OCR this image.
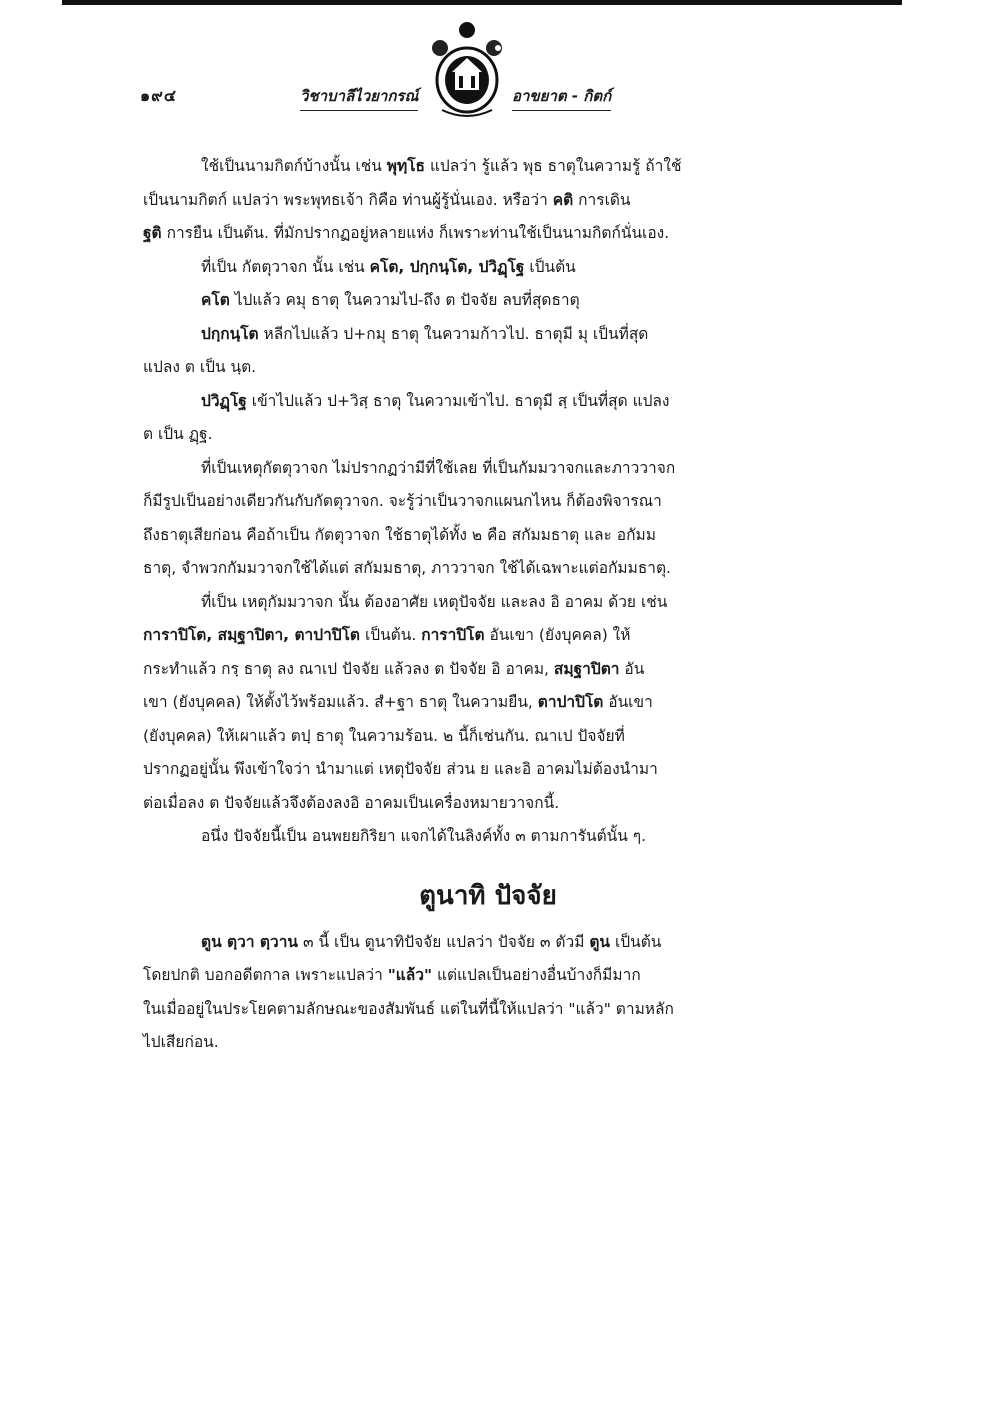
๑๙๔	วิชาบาลีไวยากรณ์	อาขยาต - กิตก์
ใช้เป็นนามกิตก์บ้างนั้น เช่น พุทฺโธ แปลว่า รู้แล้ว พุธ ธาตุในความรู้ ถ้าใช้
เป็นนามกิตก์ แปลว่า พระพุทธเจ้า กิคือ ท่านผู้รู้นั่นเอง. หรือว่า คติ การเดิน
ฐติ การยืน เป็นต้น. ที่มักปรากฏอยู่หลายแห่ง ก็เพราะท่านใช้เป็นนามกิตก์นั่นเอง.
ที่เป็น กัตตุวาจก นั้น เช่น คโต, ปกฺกนฺโต, ปวิฏฺโฐ เป็นต้น
คโต ไปแล้ว คมุ ธาตุ ในความไป-ถึง ต ปัจจัย ลบที่สุดธาตุ
ปกฺกนฺโต หลีกไปแล้ว ป+กมุ ธาตุ ในความก้าวไป. ธาตุมี มุ เป็นที่สุด
แปลง ต เป็น นฺต.
ปวิฏฺโฐ เข้าไปแล้ว ป+วิสฺ ธาตุ ในความเข้าไป. ธาตุมี สฺ เป็นที่สุด แปลง
ต เป็น ฏฺฐ.
ที่เป็นเหตุกัตตุวาจก ไม่ปรากฏว่ามีที่ใช้เลย ที่เป็นกัมมวาจกและภาววาจก
ก็มีรูปเป็นอย่างเดียวกันกับกัตตุวาจก. จะรู้ว่าเป็นวาจกแผนกไหน ก็ต้องพิจารณา
ถึงธาตุเสียก่อน คือถ้าเป็น กัตตุวาจก ใช้ธาตุได้ทั้ง ๒ คือ สกัมมธาตุ และ อกัมม
ธาตุ, จำพวกกัมมวาจกใช้ได้แต่ สกัมมธาตุ, ภาววาจก ใช้ได้เฉพาะแต่อกัมมธาตุ.
ที่เป็น เหตุกัมมวาจก นั้น ต้องอาศัย เหตุปัจจัย และลง อิ อาคม ด้วย เช่น
การาปิโต, สมฺฐาปิตา, ตาปาปิโต เป็นต้น. การาปิโต อันเขา (ยังบุคคล) ให้
กระทำแล้ว กรฺ ธาตุ ลง ณาเป ปัจจัย แล้วลง ต ปัจจัย อิ อาคม, สมฺฐาปิตา อัน
เขา (ยังบุคคล) ให้ตั้งไว้พร้อมแล้ว. สํ+ฐา ธาตุ ในความยืน, ตาปาปิโต อันเขา
(ยังบุคคล) ให้เผาแล้ว ตปฺ ธาตุ ในความร้อน. ๒ นี้ก็เช่นกัน. ณาเป ปัจจัยที่
ปรากฏอยู่นั้น พึงเข้าใจว่า นำมาแต่ เหตุปัจจัย ส่วน ย และอิ อาคมไม่ต้องนำมา
ต่อเมื่อลง ต ปัจจัยแล้วจึงต้องลงอิ อาคมเป็นเครื่องหมายวาจกนี้.
อนึ่ง ปัจจัยนี้เป็น อนพยยกิริยา แจกได้ในลิงค์ทั้ง ๓ ตามการันต์นั้น ๆ.
ตูนาทิ ปัจจัย
ตูน ตฺวา ตฺวาน ๓ นี้ เป็น ตูนาทิปัจจัย แปลว่า ปัจจัย ๓ ตัวมี ตูน เป็นต้น
โดยปกติ บอกอดีตกาล เพราะแปลว่า "แล้ว" แต่แปลเป็นอย่างอื่นบ้างก็มีมาก
ในเมื่ออยู่ในประโยคตามลักษณะของสัมพันธ์ แต่ในที่นี้ให้แปลว่า "แล้ว" ตามหลัก
ไปเสียก่อน.
